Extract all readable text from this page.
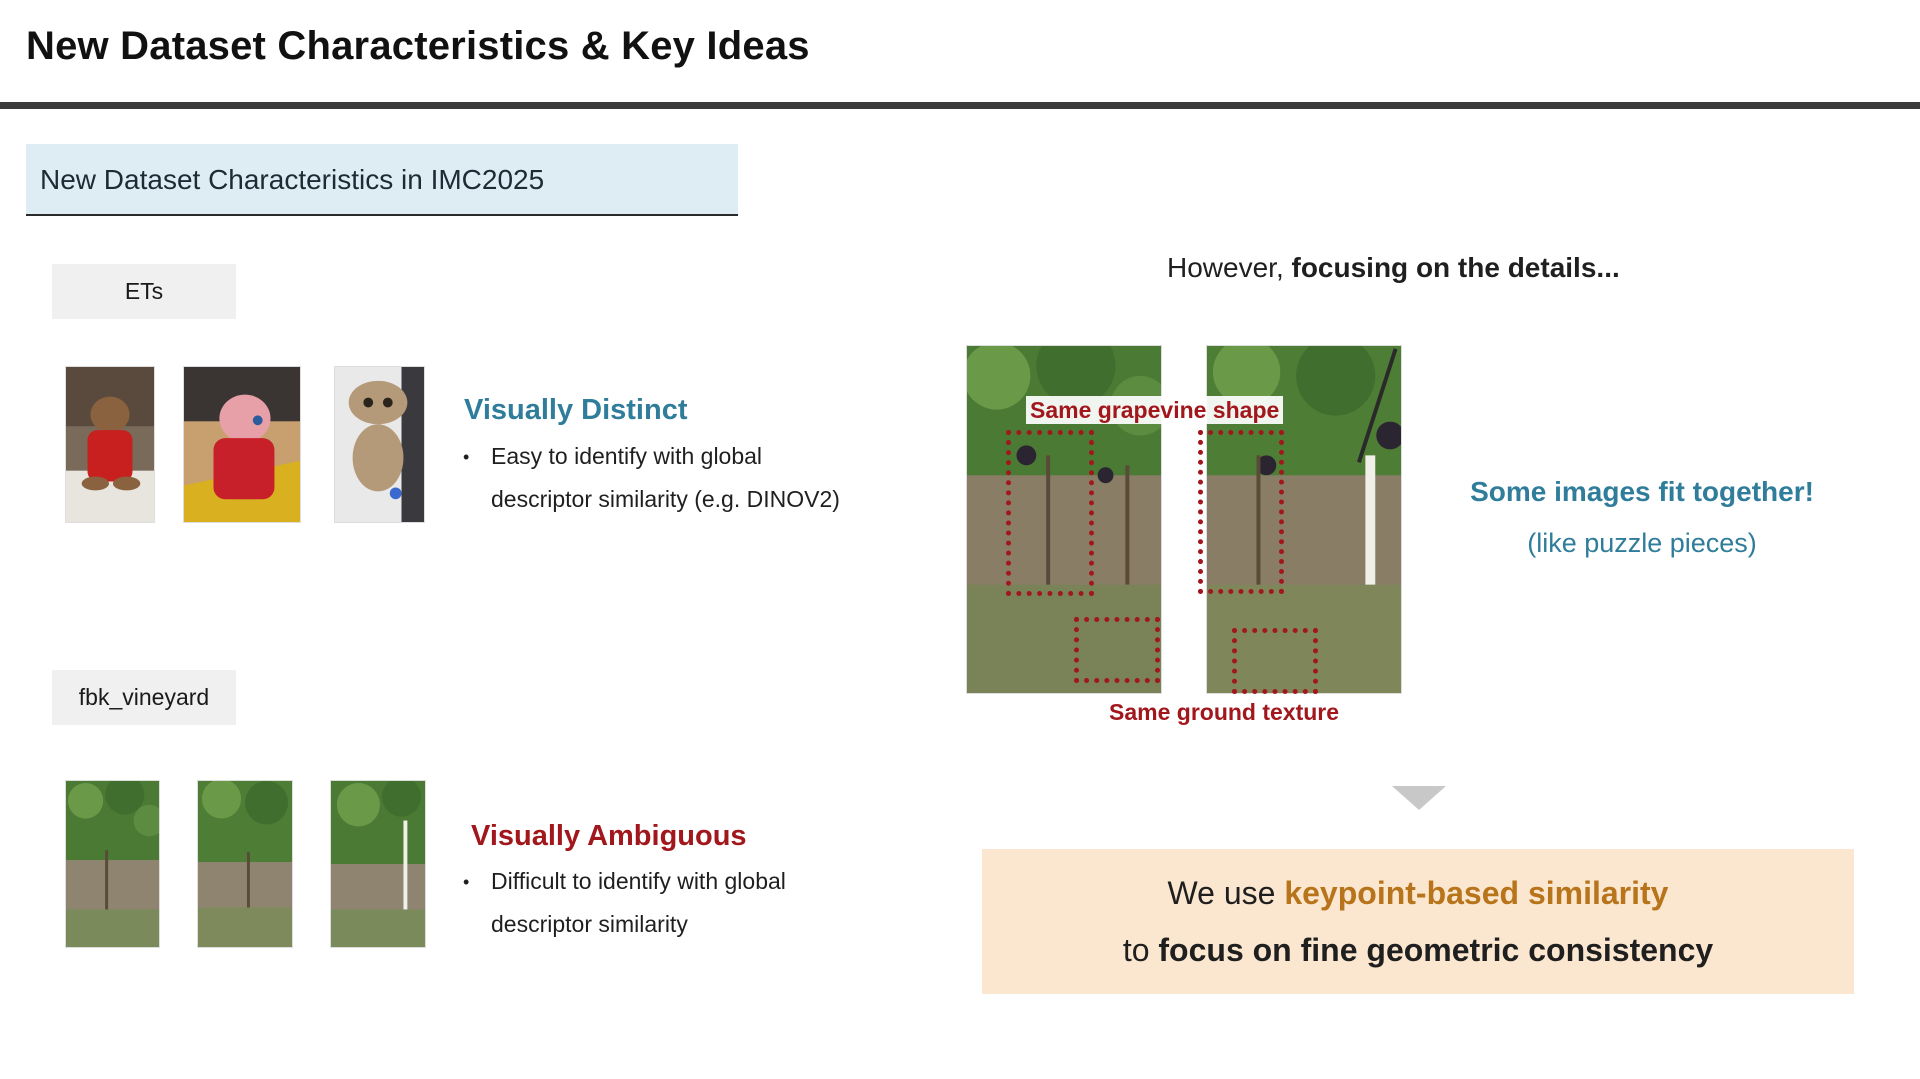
New Dataset Characteristics & Key Ideas
New Dataset Characteristics in IMC2025
ETs
Visually Distinct
• Easy to identify with global
descriptor similarity (e.g. DINOV2)
fbk_vineyard
Visually Ambiguous
• Difficult to identify with global
descriptor similarity
However, focusing on the details...
Same grapevine shape
Same ground texture
Some images fit together!
(like puzzle pieces)
We use keypoint-based similarity
to focus on fine geometric consistency
